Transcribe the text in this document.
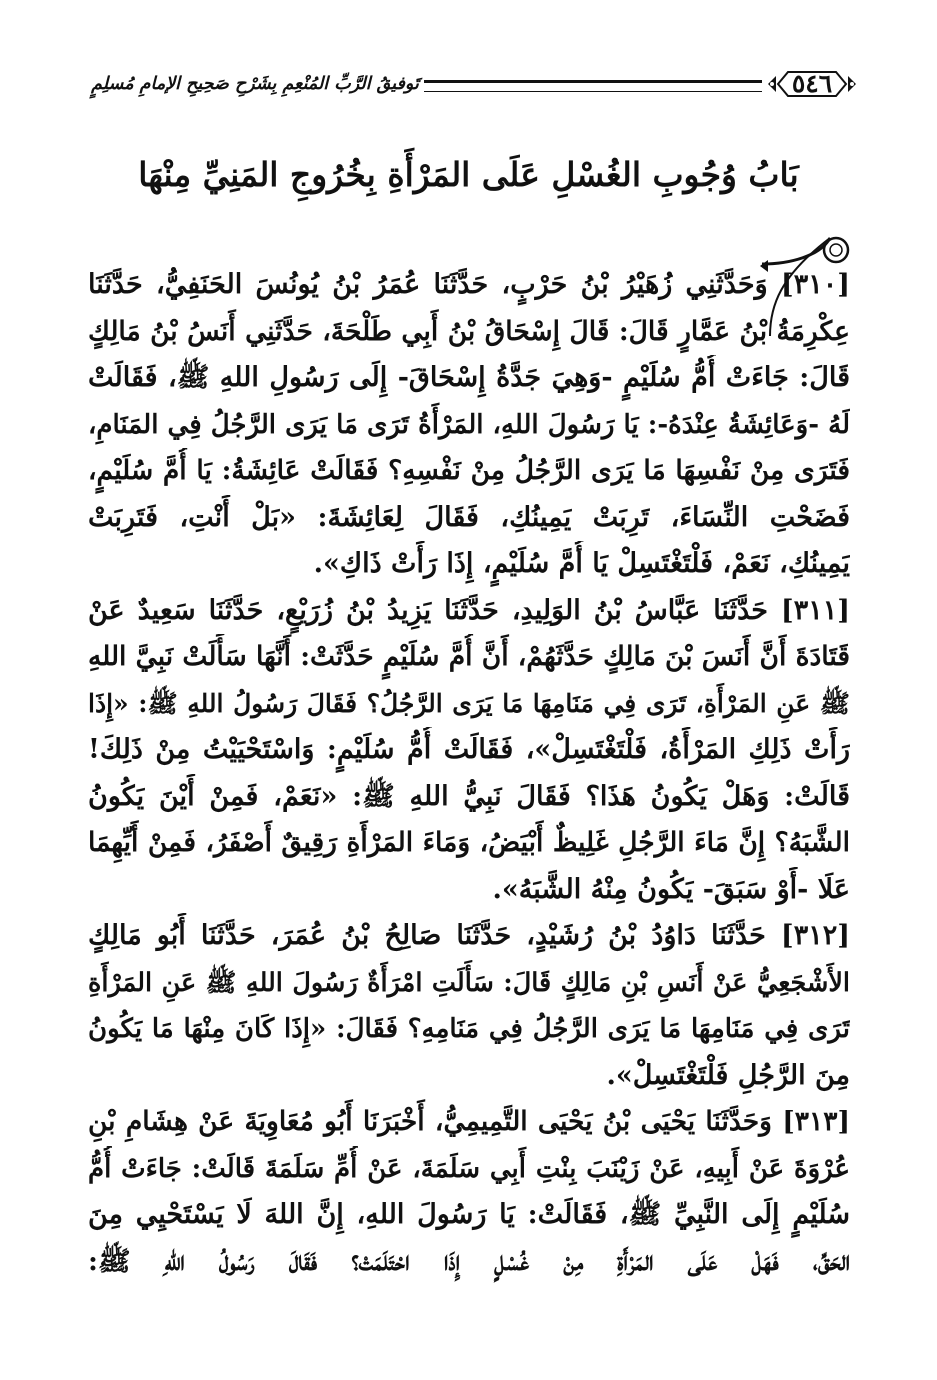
تَوفيقُ الرَّبِّ المُنْعِمِ بِشَرْحِ صَحِيحِ الإمامِ مُسلِمٍ	٥٤٦
بَابُ وُجُوبِ الغُسْلِ عَلَى المَرْأَةِ بِخُرُوجِ المَنِيِّ مِنْهَا
[٣١٠] وَحَدَّثَنِي زُهَيْرُ بْنُ حَرْبٍ، حَدَّثَنَا عُمَرُ بْنُ يُونُسَ الحَنَفِيُّ، حَدَّثَنَا
عِكْرِمَةُ بْنُ عَمَّارٍ قَالَ: قَالَ إِسْحَاقُ بْنُ أَبِي طَلْحَةَ، حَدَّثَنِي أَنَسُ بْنُ مَالِكٍ
قَالَ: جَاءَتْ أُمُّ سُلَيْمٍ -وَهِيَ جَدَّةُ إِسْحَاقَ- إِلَى رَسُولِ اللهِ ﷺ، فَقَالَتْ
لَهُ -وَعَائِشَةُ عِنْدَهُ-: يَا رَسُولَ اللهِ، المَرْأَةُ تَرَى مَا يَرَى الرَّجُلُ فِي المَنَامِ،
فَتَرَى مِنْ نَفْسِهَا مَا يَرَى الرَّجُلُ مِنْ نَفْسِهِ؟ فَقَالَتْ عَائِشَةُ: يَا أُمَّ سُلَيْمٍ،
فَضَحْتِ النِّسَاءَ، تَرِبَتْ يَمِينُكِ، فَقَالَ لِعَائِشَةَ: «بَلْ أَنْتِ، فَتَرِبَتْ
يَمِينُكِ، نَعَمْ، فَلْتَغْتَسِلْ يَا أُمَّ سُلَيْمٍ، إِذَا رَأَتْ ذَاكِ».
[٣١١] حَدَّثَنَا عَبَّاسُ بْنُ الوَلِيدِ، حَدَّثَنَا يَزِيدُ بْنُ زُرَيْعٍ، حَدَّثَنَا سَعِيدٌ عَنْ
قَتَادَةَ أَنَّ أَنَسَ بْنَ مَالِكٍ حَدَّثَهُمْ، أَنَّ أُمَّ سُلَيْمٍ حَدَّثَتْ: أَنَّهَا سَأَلَتْ نَبِيَّ اللهِ
ﷺ عَنِ المَرْأَةِ، تَرَى فِي مَنَامِهَا مَا يَرَى الرَّجُلُ؟ فَقَالَ رَسُولُ اللهِ ﷺ: «إِذَا
رَأَتْ ذَلِكِ المَرْأَةُ، فَلْتَغْتَسِلْ»، فَقَالَتْ أُمُّ سُلَيْمٍ: وَاسْتَحْيَيْتُ مِنْ ذَلِكَ!
قَالَتْ: وَهَلْ يَكُونُ هَذَا؟ فَقَالَ نَبِيُّ اللهِ ﷺ: «نَعَمْ، فَمِنْ أَيْنَ يَكُونُ
الشَّبَهُ؟ إِنَّ مَاءَ الرَّجُلِ غَلِيظٌ أَبْيَضُ، وَمَاءَ المَرْأَةِ رَقِيقٌ أَصْفَرُ، فَمِنْ أَيِّهِمَا
عَلَا -أَوْ سَبَقَ- يَكُونُ مِنْهُ الشَّبَهُ».
[٣١٢] حَدَّثَنَا دَاوُدُ بْنُ رُشَيْدٍ، حَدَّثَنَا صَالِحُ بْنُ عُمَرَ، حَدَّثَنَا أَبُو مَالِكٍ
الأَشْجَعِيُّ عَنْ أَنَسِ بْنِ مَالِكٍ قَالَ: سَأَلَتِ امْرَأَةٌ رَسُولَ اللهِ ﷺ عَنِ المَرْأَةِ
تَرَى فِي مَنَامِهَا مَا يَرَى الرَّجُلُ فِي مَنَامِهِ؟ فَقَالَ: «إِذَا كَانَ مِنْهَا مَا يَكُونُ
مِنَ الرَّجُلِ فَلْتَغْتَسِلْ».
[٣١٣] وَحَدَّثَنَا يَحْيَى بْنُ يَحْيَى التَّمِيمِيُّ، أَخْبَرَنَا أَبُو مُعَاوِيَةَ عَنْ هِشَامِ بْنِ
عُرْوَةَ عَنْ أَبِيهِ، عَنْ زَيْنَبَ بِنْتِ أَبِي سَلَمَةَ، عَنْ أُمِّ سَلَمَةَ قَالَتْ: جَاءَتْ أُمُّ
سُلَيْمٍ إِلَى النَّبِيِّ ﷺ، فَقَالَتْ: يَا رَسُولَ اللهِ، إِنَّ اللهَ لَا يَسْتَحْيِي مِنَ
الحَقِّ، فَهَلْ عَلَى المَرْأَةِ مِنْ غُسْلٍ إِذَا احْتَلَمَتْ؟ فَقَالَ رَسُولُ اللهِ ﷺ:
